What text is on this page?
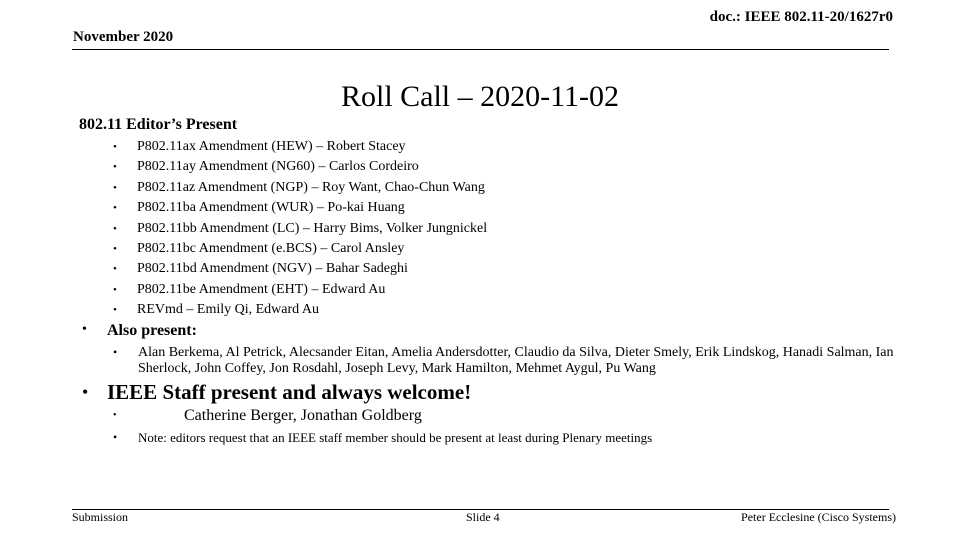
doc.: IEEE 802.11-20/1627r0
November 2020
Roll Call – 2020-11-02
802.11 Editor’s Present
•	P802.11ax Amendment (HEW) – Robert Stacey
•	P802.11ay Amendment (NG60) – Carlos Cordeiro
•	P802.11az Amendment (NGP) – Roy Want, Chao-Chun Wang
•	P802.11ba Amendment (WUR) – Po-kai Huang
•	P802.11bb Amendment (LC) – Harry Bims, Volker Jungnickel
•	P802.11bc Amendment (e.BCS) – Carol Ansley
•	P802.11bd Amendment (NGV) – Bahar Sadeghi
•	P802.11be Amendment (EHT) – Edward Au
•	REVmd – Emily Qi, Edward Au
• Also present:
• Alan Berkema, Al Petrick, Alecsander Eitan, Amelia Andersdotter, Claudio da Silva, Dieter Smely, Erik Lindskog, Hanadi Salman, Ian Sherlock, John Coffey, Jon Rosdahl, Joseph Levy, Mark Hamilton, Mehmet Aygul, Pu Wang
• IEEE Staff present and always welcome!
•	Catherine Berger, Jonathan Goldberg
• Note: editors request that an IEEE staff member should be present at least during Plenary meetings
Submission	Slide 4	Peter Ecclesine (Cisco Systems)
